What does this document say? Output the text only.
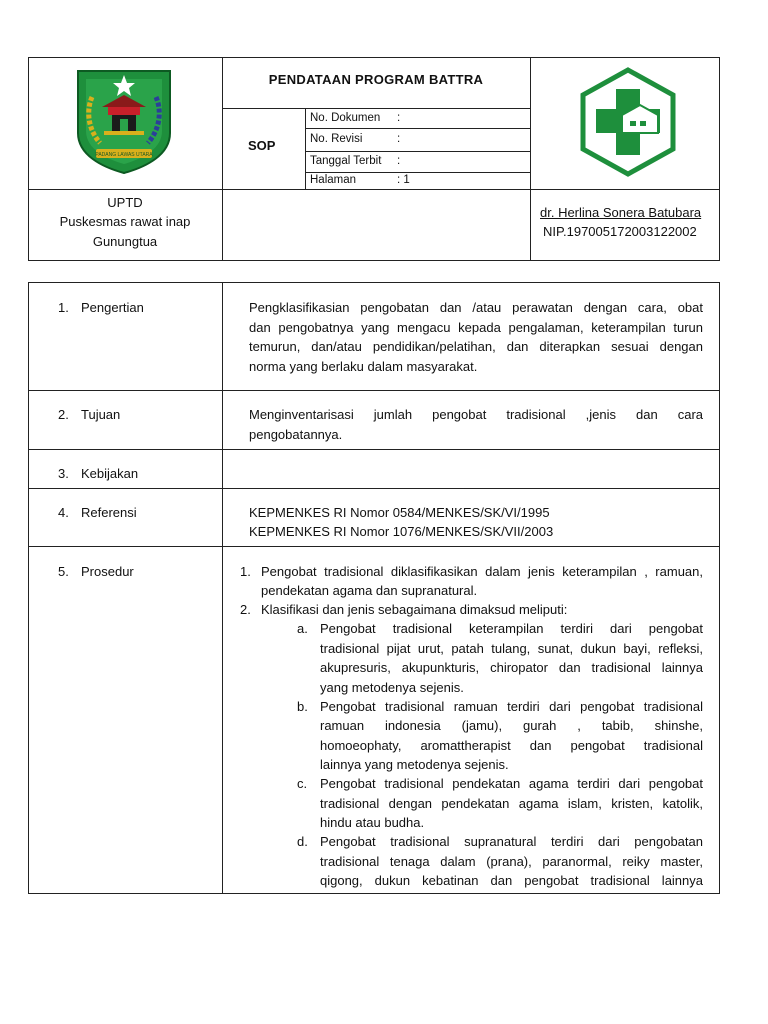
PADANG LAWAS UTARA
PENDATAAN PROGRAM BATTRA
SOP
No. Dokumen :
No. Revisi	:
Tanggal Terbit :
Halaman	: 1
UPTD
Puskesmas rawat inap
Gunungtua
dr. Herlina Sonera Batubara
NIP.197005172003122002
1. Pengertian
2. Tujuan
3. Kebijakan
4. Referensi
5. Prosedur
Pengklasifikasian pengobatan dan /atau perawatan dengan cara, obat
dan pengobatnya yang mengacu kepada pengalaman, keterampilan turun
temurun, dan/atau pendidikan/pelatihan, dan diterapkan sesuai dengan
norma yang berlaku dalam masyarakat.
Menginventarisasi jumlah pengobat tradisional ,jenis dan cara
pengobatannya.
KEPMENKES RI Nomor 0584/MENKES/SK/VI/1995
KEPMENKES RI Nomor 1076/MENKES/SK/VII/2003
1. Pengobat tradisional diklasifikasikan dalam jenis keterampilan , ramuan,
pendekatan agama dan supranatural.
2. Klasifikasi dan jenis sebagaimana dimaksud meliputi:
a. Pengobat tradisional keterampilan terdiri dari pengobat
tradisional pijat urut, patah tulang, sunat, dukun bayi, refleksi,
akupresuris, akupunkturis, chiropator dan tradisional lainnya
yang metodenya sejenis.
b. Pengobat tradisional ramuan terdiri dari pengobat tradisional
ramuan indonesia (jamu), gurah , tabib, shinshe,
homoeophaty, aromattherapist dan pengobat tradisional
lainnya yang metodenya sejenis.
c. Pengobat tradisional pendekatan agama terdiri dari pengobat
tradisional dengan pendekatan agama islam, kristen, katolik,
hindu atau budha.
d. Pengobat tradisional supranatural terdiri dari pengobatan
tradisional tenaga dalam (prana), paranormal, reiky master,
qigong, dukun kebatinan dan pengobat tradisional lainnya
